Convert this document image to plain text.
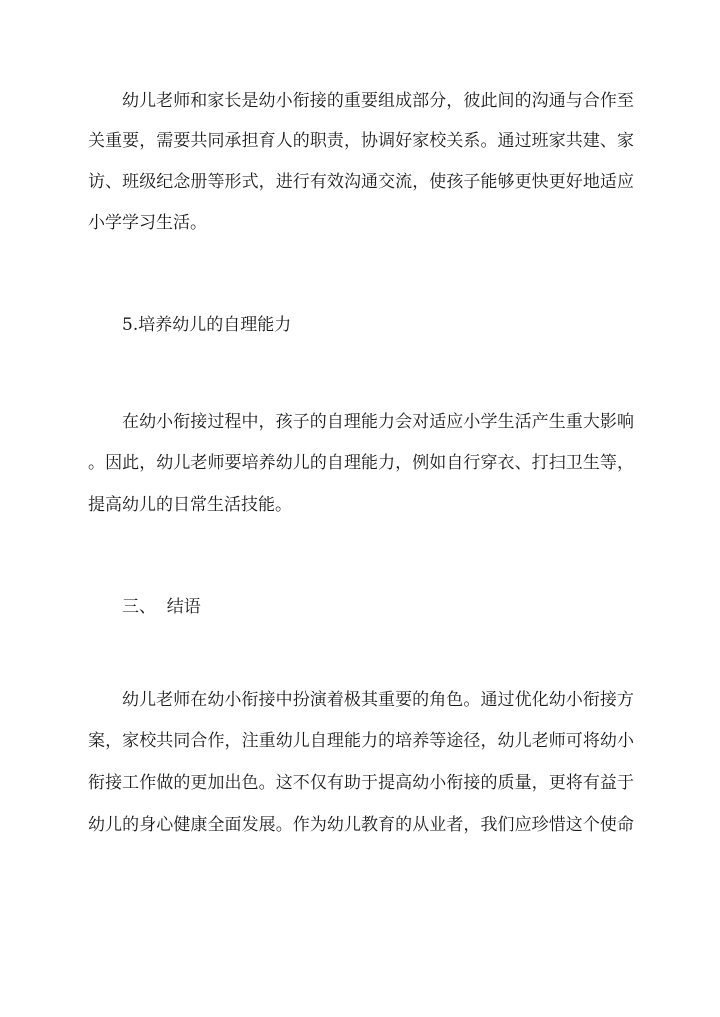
幼儿老师和家长是幼小衔接的重要组成部分，彼此间的沟通与合作至
关重要，需要共同承担育人的职责，协调好家校关系。通过班家共建、家
访、班级纪念册等形式，进行有效沟通交流，使孩子能够更快更好地适应
小学学习生活。
5.培养幼儿的自理能力
在幼小衔接过程中，孩子的自理能力会对适应小学生活产生重大影响
。因此，幼儿老师要培养幼儿的自理能力，例如自行穿衣、打扫卫生等，
提高幼儿的日常生活技能。
三、  结语
幼儿老师在幼小衔接中扮演着极其重要的角色。通过优化幼小衔接方
案，家校共同合作，注重幼儿自理能力的培养等途径，幼儿老师可将幼小
衔接工作做的更加出色。这不仅有助于提高幼小衔接的质量，更将有益于
幼儿的身心健康全面发展。作为幼儿教育的从业者，我们应珍惜这个使命
